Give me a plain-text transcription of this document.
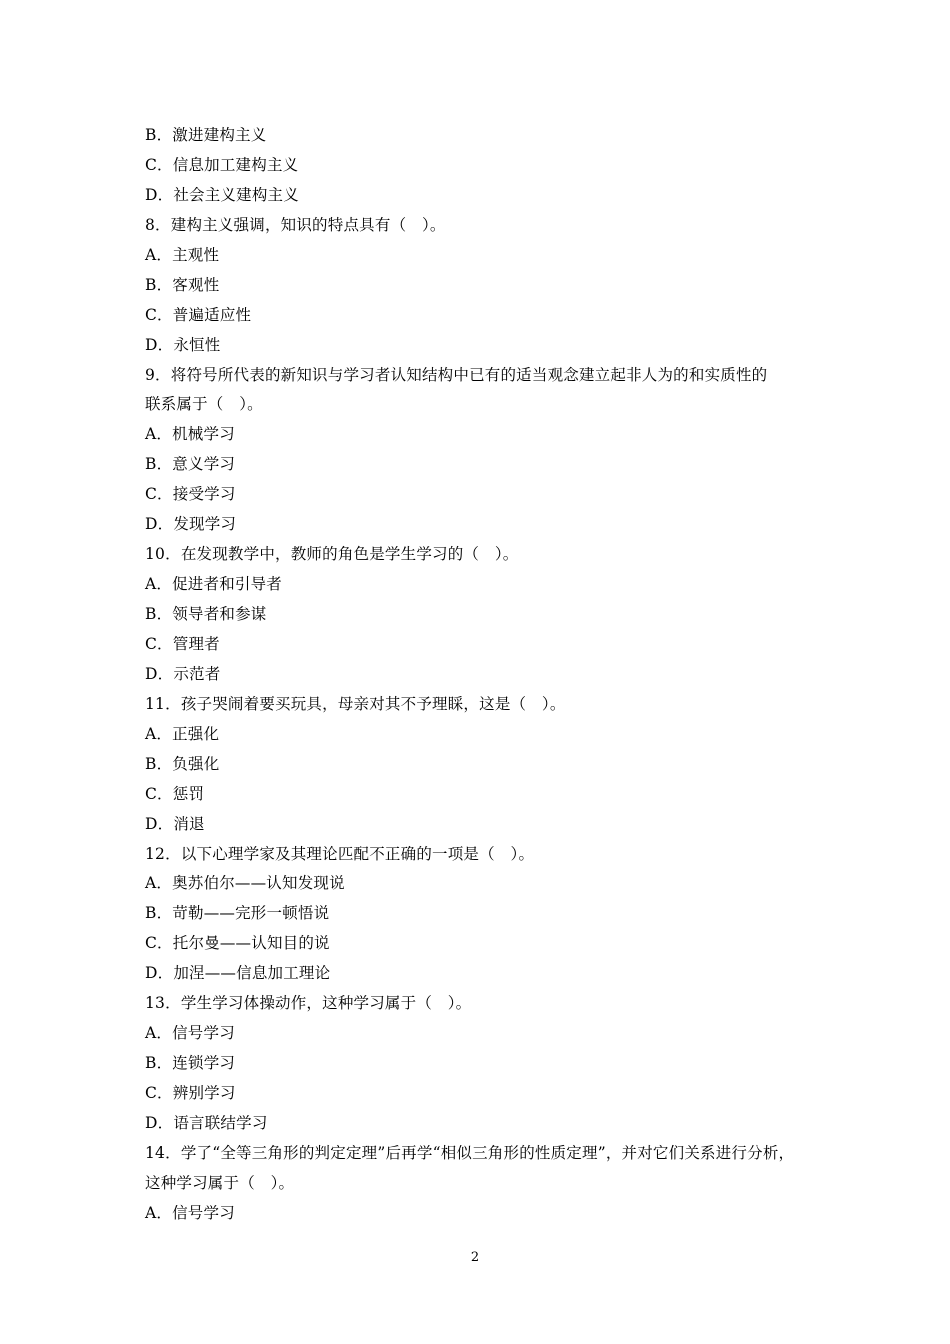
B．激进建构主义
C．信息加工建构主义
D．社会主义建构主义
8．建构主义强调，知识的特点具有（　）。
A．主观性
B．客观性
C．普遍适应性
D．永恒性
9．将符号所代表的新知识与学习者认知结构中已有的适当观念建立起非人为的和实质性的
联系属于（　）。
A．机械学习
B．意义学习
C．接受学习
D．发现学习
10．在发现教学中，教师的角色是学生学习的（　）。
A．促进者和引导者
B．领导者和参谋
C．管理者
D．示范者
11．孩子哭闹着要买玩具，母亲对其不予理睬，这是（　）。
A．正强化
B．负强化
C．惩罚
D．消退
12．以下心理学家及其理论匹配不正确的一项是（　）。
A．奥苏伯尔——认知发现说
B．苛勒——完形一顿悟说
C．托尔曼——认知目的说
D．加涅——信息加工理论
13．学生学习体操动作，这种学习属于（　）。
A．信号学习
B．连锁学习
C．辨别学习
D．语言联结学习
14．学了“全等三角形的判定定理”后再学“相似三角形的性质定理”，并对它们关系进行分析，
这种学习属于（　）。
A．信号学习
2
